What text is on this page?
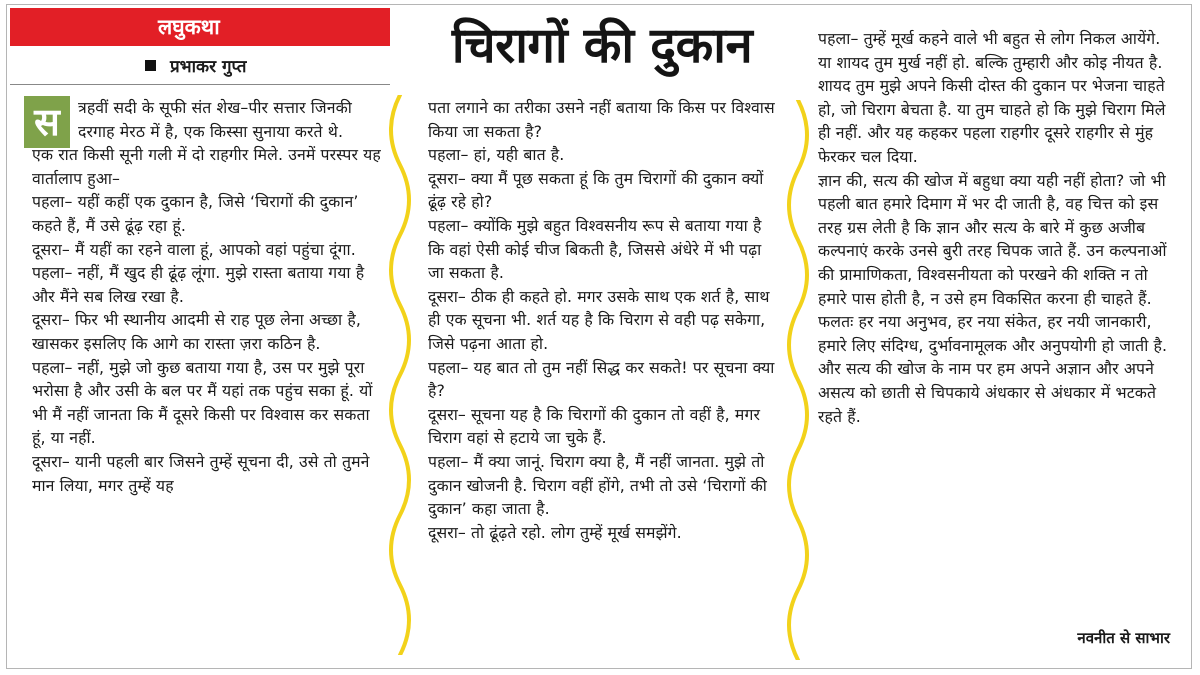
लघुकथा
प्रभाकर गुप्त
स	त्रहवीं सदी के सूफी संत शेख–पीर सत्तार जिनकी दरगाह मेरठ में है, एक किस्सा सुनाया करते थे.

एक रात किसी सूनी गली में दो राहगीर मिले. उनमें परस्पर यह वार्तालाप हुआ–

पहला– यहीं कहीं एक दुकान है, जिसे ‘चिरागों की दुकान’ कहते हैं, मैं उसे ढूंढ़ रहा हूं.

दूसरा– मैं यहीं का रहने वाला हूं, आपको वहां पहुंचा दूंगा.

पहला– नहीं, मैं खुद ही ढूंढ़ लूंगा. मुझे रास्ता बताया गया है और मैंने सब लिख रखा है.

दूसरा– फिर भी स्थानीय आदमी से राह पूछ लेना अच्छा है, खासकर इसलिए कि आगे का रास्ता ज़रा कठिन है.

पहला– नहीं, मुझे जो कुछ बताया गया है, उस पर मुझे पूरा भरोसा है और उसी के बल पर मैं यहां तक पहुंच सका हूं. यों भी मैं नहीं जानता कि मैं दूसरे किसी पर विश्वास कर सकता हूं, या नहीं.

दूसरा– यानी पहली बार जिसने तुम्हें सूचना दी, उसे तो तुमने मान लिया, मगर तुम्हें यह

चिरागों की दुकान

पता लगाने का तरीका उसने नहीं बताया कि किस पर विश्वास किया जा सकता है?

पहला– हां, यही बात है.

दूसरा– क्या मैं पूछ सकता हूं कि तुम चिरागों की दुकान क्यों ढूंढ़ रहे हो?

पहला– क्योंकि मुझे बहुत विश्वसनीय रूप से बताया गया है कि वहां ऐसी कोई चीज बिकती है, जिससे अंधेरे में भी पढ़ा जा सकता है.

दूसरा– ठीक ही कहते हो. मगर उसके साथ एक शर्त है, साथ ही एक सूचना भी. शर्त यह है कि चिराग से वही पढ़ सकेगा, जिसे पढ़ना आता हो.

पहला– यह बात तो तुम नहीं सिद्ध कर सकते! पर सूचना क्या है?

दूसरा– सूचना यह है कि चिरागों की दुकान तो वहीं है, मगर चिराग वहां से हटाये जा चुके हैं.

पहला– मैं क्या जानूं. चिराग क्या है, मैं नहीं जानता. मुझे तो दुकान खोजनी है. चिराग वहीं होंगे, तभी तो उसे ‘चिरागों की दुकान’ कहा जाता है.

दूसरा– तो ढूंढ़ते रहो. लोग तुम्हें मूर्ख समझेंगे.

पहला– तुम्हें मूर्ख कहने वाले भी बहुत से लोग निकल आयेंगे. या शायद तुम मुर्ख नहीं हो. बल्कि तुम्हारी और कोइ नीयत है. शायद तुम मुझे अपने किसी दोस्त की दुकान पर भेजना चाहते हो, जो चिराग बेचता है. या तुम चाहते हो कि मुझे चिराग मिले ही नहीं. और यह कहकर पहला राहगीर दूसरे राहगीर से मुंह फेरकर चल दिया.

ज्ञान की, सत्य की खोज में बहुधा क्या यही नहीं होता? जो भी पहली बात हमारे दिमाग में भर दी जाती है, वह चित्त को इस तरह ग्रस लेती है कि ज्ञान और सत्य के बारे में कुछ अजीब कल्पनाएं करके उनसे बुरी तरह चिपक जाते हैं. उन कल्पनाओं की प्रामाणिकता, विश्वसनीयता को परखने की शक्ति न तो हमारे पास होती है, न उसे हम विकसित करना ही चाहते हैं. फलतः हर नया अनुभव, हर नया संकेत, हर नयी जानकारी, हमारे लिए संदिग्ध, दुर्भावनामूलक और अनुपयोगी हो जाती है. और सत्य की खोज के नाम पर हम अपने अज्ञान और अपने असत्य को छाती से चिपकाये अंधकार से अंधकार में भटकते रहते हैं.

नवनीत से साभार
